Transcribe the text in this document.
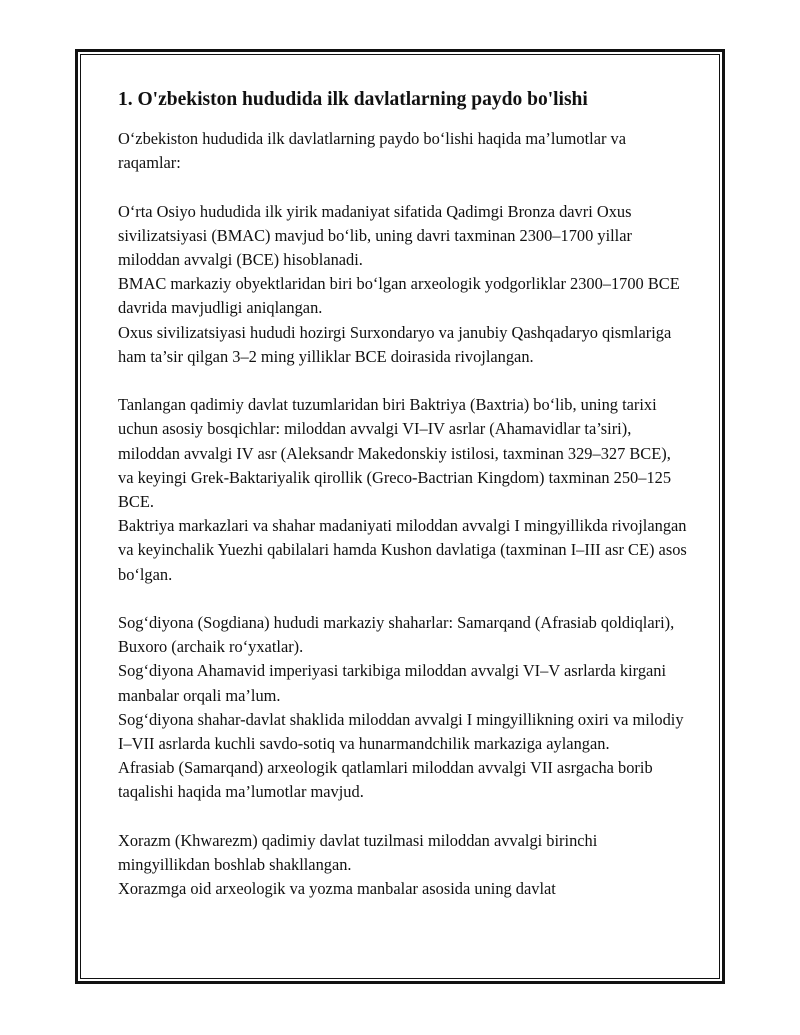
1. O'zbekiston hududida ilk davlatlarning paydo bo'lishi

O‘zbekiston hududida ilk davlatlarning paydo bo‘lishi haqida ma’lumotlar va raqamlar:

O‘rta Osiyo hududida ilk yirik madaniyat sifatida Qadimgi Bronza davri Oxus sivilizatsiyasi (BMAC) mavjud bo‘lib, uning davri taxminan 2300–1700 yillar miloddan avvalgi (BCE) hisoblanadi.

BMAC markaziy obyektlaridan biri bo‘lgan arxeologik yodgorliklar 2300–1700 BCE davrida mavjudligi aniqlangan.

Oxus sivilizatsiyasi hududi hozirgi Surxondaryo va janubiy Qashqadaryo qismlariga ham ta’sir qilgan 3–2 ming yilliklar BCE doirasida rivojlangan.

Tanlangan qadimiy davlat tuzumlaridan biri Baktriya (Baxtria) bo‘lib, uning tarixi uchun asosiy bosqichlar: miloddan avvalgi VI–IV asrlar (Ahamavidlar ta’siri), miloddan avvalgi IV asr (Aleksandr Makedonskiy istilosi, taxminan 329–327 BCE), va keyingi Grek-Baktariyalik qirollik (Greco-Bactrian Kingdom) taxminan 250–125 BCE.

Baktriya markazlari va shahar madaniyati miloddan avvalgi I mingyillikda rivojlangan va keyinchalik Yuezhi qabilalari hamda Kushon davlatiga (taxminan I–III asr CE) asos bo‘lgan.

Sog‘diyona (Sogdiana) hududi markaziy shaharlar: Samarqand (Afrasiab qoldiqlari), Buxoro (archaik ro‘yxatlar).

Sog‘diyona Ahamavid imperiyasi tarkibiga miloddan avvalgi VI–V asrlarda kirgani manbalar orqali ma’lum.

Sog‘diyona shahar-davlat shaklida miloddan avvalgi I mingyillikning oxiri va milodiy I–VII asrlarda kuchli savdo-sotiq va hunarmandchilik markaziga aylangan.

Afrasiab (Samarqand) arxeologik qatlamlari miloddan avvalgi VII asrgacha borib taqalishi haqida ma’lumotlar mavjud.

Xorazm (Khwarezm) qadimiy davlat tuzilmasi miloddan avvalgi birinchi mingyillikdan boshlab shakllangan.

Xorazmga oid arxeologik va yozma manbalar asosida uning davlat
